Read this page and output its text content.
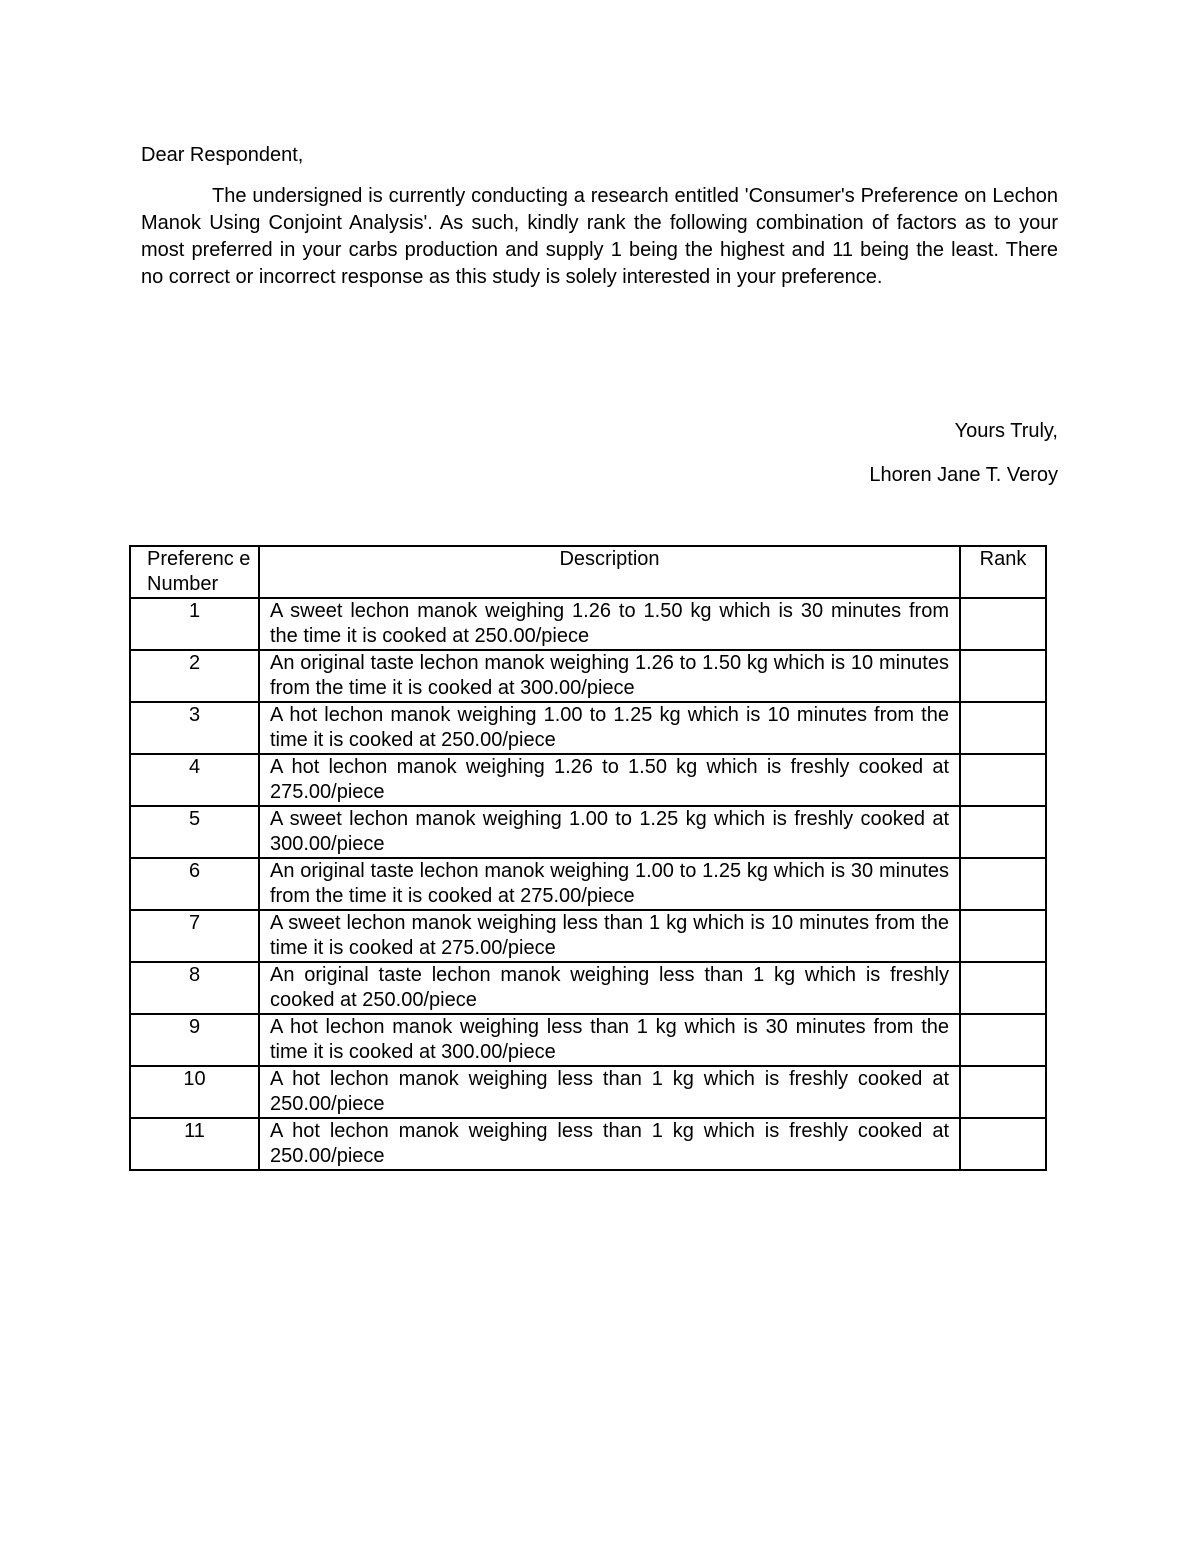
Dear Respondent,
The undersigned is currently conducting a research entitled 'Consumer's Preference on Lechon Manok Using Conjoint Analysis'. As such, kindly rank the following combination of factors as to your most preferred in your carbs production and supply 1 being the highest and 11 being the least. There no correct or incorrect response as this study is solely interested in your preference.
Yours Truly,
Lhoren Jane T. Veroy
Preferenc e Number	Description	Rank
1	A sweet lechon manok weighing 1.26 to 1.50 kg which is 30 minutes from the time it is cooked at 250.00/piece	
2	An original taste lechon manok weighing 1.26 to 1.50 kg which is 10 minutes from the time it is cooked at 300.00/piece	
3	A hot lechon manok weighing 1.00 to 1.25 kg which is 10 minutes from the time it is cooked at 250.00/piece	
4	A hot lechon manok weighing 1.26 to 1.50 kg which is freshly cooked at 275.00/piece	
5	A sweet lechon manok weighing 1.00 to 1.25 kg which is freshly cooked at 300.00/piece	
6	An original taste lechon manok weighing 1.00 to 1.25 kg which is 30 minutes from the time it is cooked at 275.00/piece	
7	A sweet lechon manok weighing less than 1 kg which is 10 minutes from the time it is cooked at 275.00/piece	
8	An original taste lechon manok weighing less than 1 kg which is freshly cooked at 250.00/piece	
9	A hot lechon manok weighing less than 1 kg which is 30 minutes from the time it is cooked at 300.00/piece	
10	A hot lechon manok weighing less than 1 kg which is freshly cooked at 250.00/piece	
11	A hot lechon manok weighing less than 1 kg which is freshly cooked at 250.00/piece	
